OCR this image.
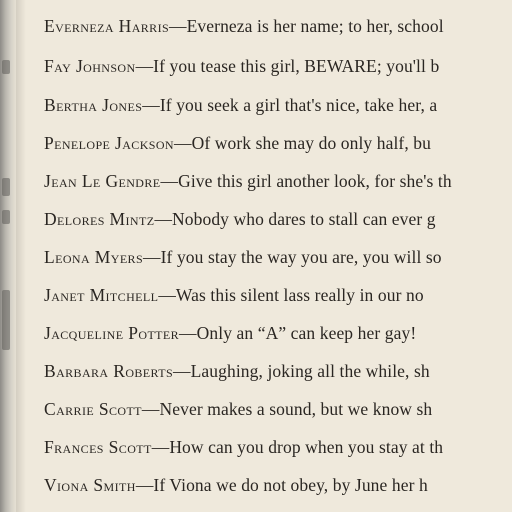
Everneza Harris—Everneza is her name; to her, school
Fay Johnson—If you tease this girl, BEWARE; you'll b
Bertha Jones—If you seek a girl that's nice, take her, a
Penelope Jackson—Of work she may do only half, bu
Jean Le Gendre—Give this girl another look, for she's th
Delores Mintz—Nobody who dares to stall can ever g
Leona Myers—If you stay the way you are, you will so
Janet Mitchell—Was this silent lass really in our no
Jacqueline Potter—Only an “A” can keep her gay!
Barbara Roberts—Laughing, joking all the while, sh
Carrie Scott—Never makes a sound, but we know sh
Frances Scott—How can you drop when you stay at th
Viona Smith—If Viona we do not obey, by June her h
